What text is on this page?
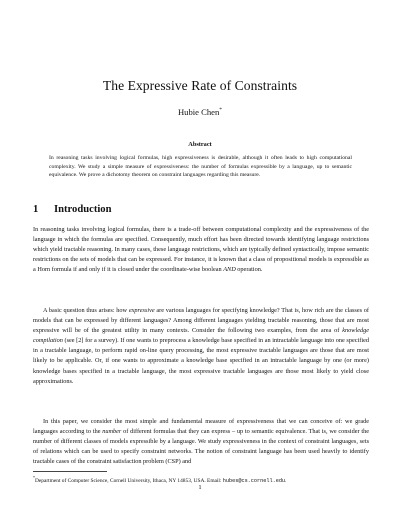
The Expressive Rate of Constraints
Hubie Chen*
Abstract
In reasoning tasks involving logical formulas, high expressiveness is desirable, although it often leads to high computational complexity. We study a simple measure of expressiveness: the number of formulas expressible by a language, up to semantic equivalence. We prove a dichotomy theorem on constraint languages regarding this measure.
1 Introduction

In reasoning tasks involving logical formulas, there is a trade-off between computational complexity and the expressiveness of the language in which the formulas are specified. Consequently, much effort has been directed towards identifying language restrictions which yield tractable reasoning. In many cases, these language restrictions, which are typically defined syntactically, impose semantic restrictions on the sets of models that can be expressed. For instance, it is known that a class of propositional models is expressible as a Horn formula if and only if it is closed under the coordinate-wise boolean AND operation.

A basic question thus arises: how expressive are various languages for specifying knowledge? That is, how rich are the classes of models that can be expressed by different languages? Among different languages yielding tractable reasoning, those that are most expressive will be of the greatest utility in many contexts. Consider the following two examples, from the area of knowledge compilation (see [2] for a survey). If one wants to preprocess a knowledge base specified in an intractable language into one specified in a tractable language, to perform rapid on-line query processing, the most expressive tractable languages are those that are most likely to be applicable. Or, if one wants to approximate a knowledge base specified in an intractable language by one (or more) knowledge bases specified in a tractable language, the most expressive tractable languages are those most likely to yield close approximations.

In this paper, we consider the most simple and fundamental measure of expressiveness that we can conceive of: we grade languages according to the number of different formulas that they can express – up to semantic equivalence. That is, we consider the number of different classes of models expressible by a language. We study expressiveness in the context of constraint languages, sets of relations which can be used to specify constraint networks. The notion of constraint language has been used heavily to identify tractable cases of the constraint satisfaction problem (CSP) and

*Department of Computer Science, Cornell University, Ithaca, NY 14853, USA. Email: hubes@cs.cornell.edu.
1
